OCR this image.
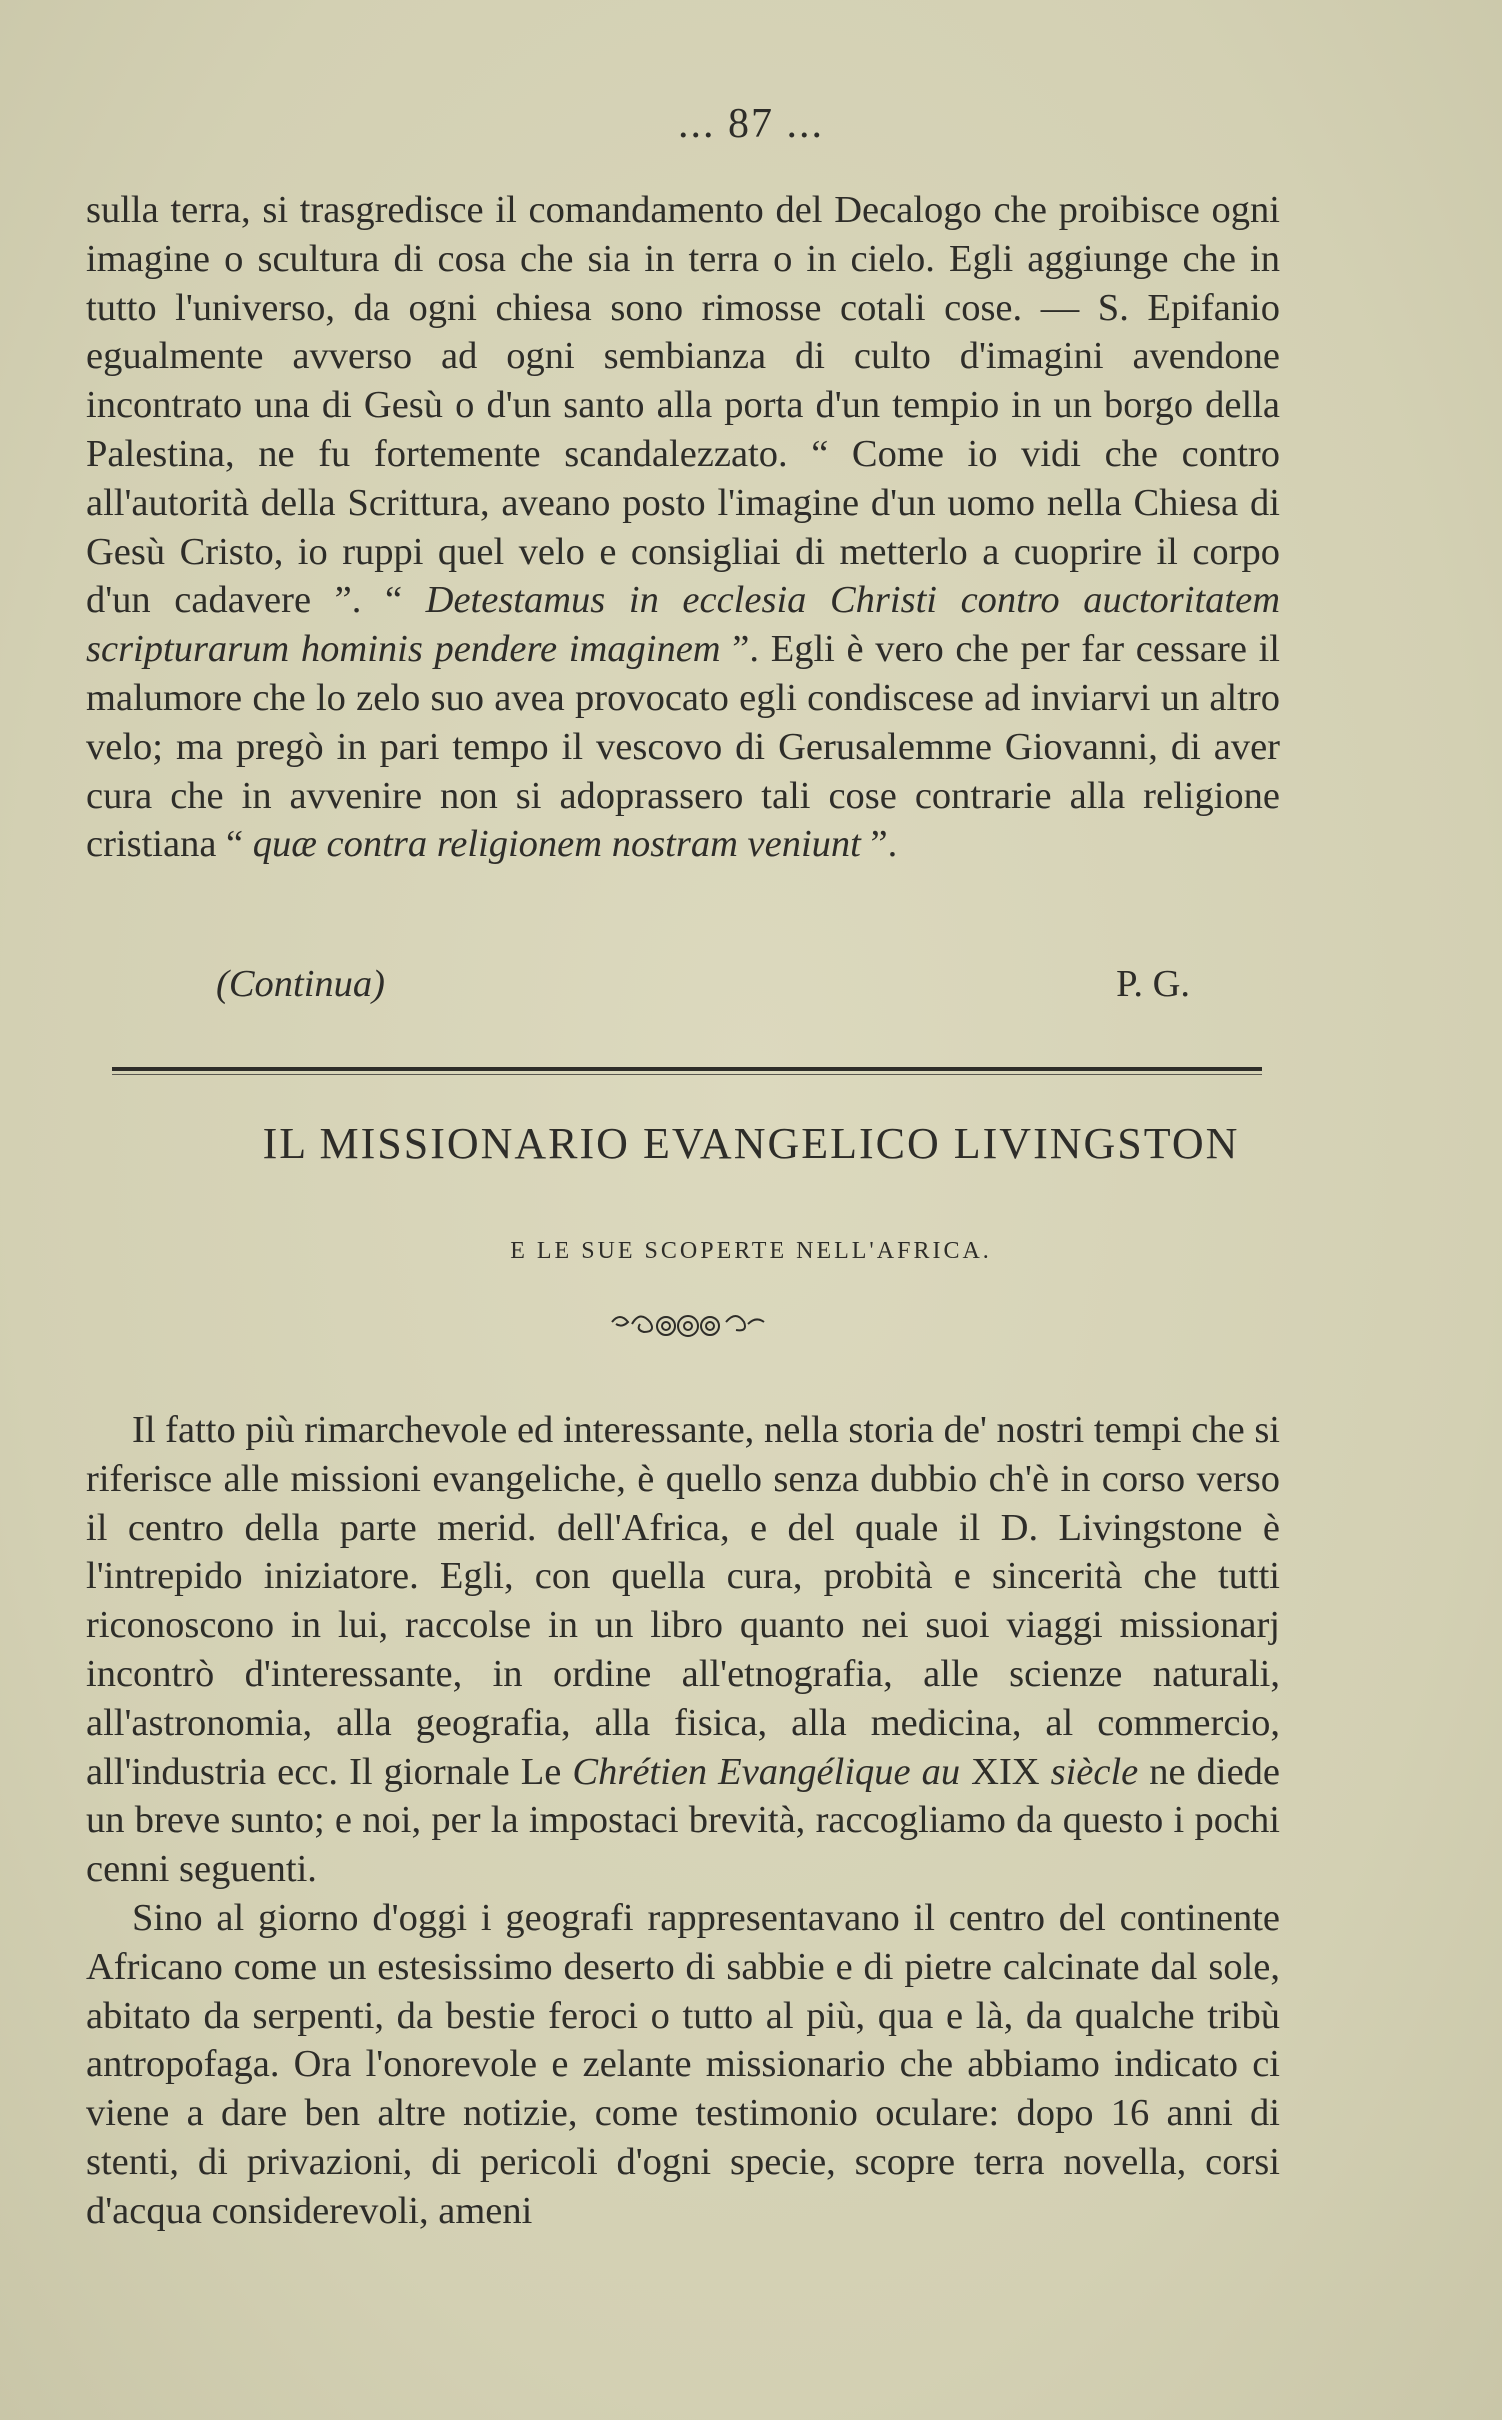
... 87 ...

sulla terra, si trasgredisce il comandamento del Decalogo che proibisce ogni imagine o scultura di cosa che sia in terra o in cielo. Egli aggiunge che in tutto l'universo, da ogni chiesa sono rimosse cotali cose. — S. Epifanio egualmente avverso ad ogni sembianza di culto d'imagini avendone incontrato una di Gesù o d'un santo alla porta d'un tempio in un borgo della Palestina, ne fu fortemente scandalezzato. “ Come io vidi che contro all'autorità della Scrittura, aveano posto l'imagine d'un uomo nella Chiesa di Gesù Cristo, io ruppi quel velo e consigliai di metterlo a cuoprire il corpo d'un cadavere ”. “ Detestamus in ecclesia Christi contro auctoritatem scripturarum hominis pendere imaginem ”. Egli è vero che per far cessare il malumore che lo zelo suo avea provocato egli condiscese ad inviarvi un altro velo; ma pregò in pari tempo il vescovo di Gerusalemme Giovanni, di aver cura che in avvenire non si adoprassero tali cose contrarie alla religione cristiana “ quæ contra religionem nostram veniunt ”.

(Continua)	P. G.
IL MISSIONARIO EVANGELICO LIVINGSTON
E LE SUE SCOPERTE NELL'AFRICA.

Il fatto più rimarchevole ed interessante, nella storia de' nostri tempi che si riferisce alle missioni evangeliche, è quello senza dubbio ch'è in corso verso il centro della parte merid. dell'Africa, e del quale il D. Livingstone è l'intrepido iniziatore. Egli, con quella cura, probità e sincerità che tutti riconoscono in lui, raccolse in un libro quanto nei suoi viaggi missionarj incontrò d'interessante, in ordine all'etnografia, alle scienze naturali, all'astronomia, alla geografia, alla fisica, alla medicina, al commercio, all'industria ecc. Il giornale Le Chrétien Evangélique au XIX siècle ne diede un breve sunto; e noi, per la impostaci brevità, raccogliamo da questo i pochi cenni seguenti.

Sino al giorno d'oggi i geografi rappresentavano il centro del continente Africano come un estesissimo deserto di sabbie e di pietre calcinate dal sole, abitato da serpenti, da bestie feroci o tutto al più, qua e là, da qualche tribù antropofaga. Ora l'onorevole e zelante missionario che abbiamo indicato ci viene a dare ben altre notizie, come testimonio oculare: dopo 16 anni di stenti, di privazioni, di pericoli d'ogni specie, scopre terra novella, corsi d'acqua considerevoli, ameni
